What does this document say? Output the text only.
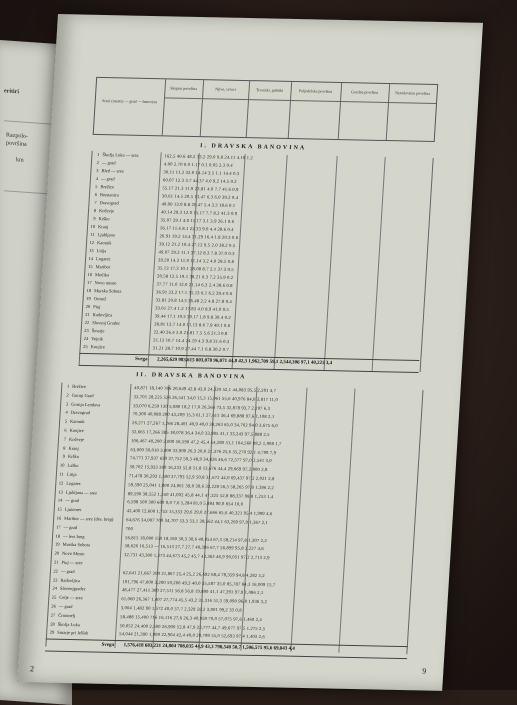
eritiri
Razpolo-
površina
km
Srezi (mesta) — grad — banovina
Skupna površina	Njive, vrtovi	Travniki, pašniki	Poljedelska površina	Gozdna površina	Nerodovitna površina
I. DRAVSKA BANOVINA
1 Škofja Loka — srez	162.5 40.6 48.2 33.2 29.0 9.8 24.11 4.18 1.2
2 — grad	4.00 2.70 0.0 1.17 0.1 0.05 2.3 0.4
3 Bled — srez	30.11 11.2 32.0 14.14 3.5 1.1 14.4 0.3
4 — grad	60.07 12.3 3.7 44.37 4.0 9.2 14.5 0.2
5 Brežice	55.17 21.3 11.9 23.81 4.0 7.7 41.6 0.9
6 Brestanica	30.61 14.5 20.5 13.47 6.3 6.0 39.2 0.4
7 Dravograd	40.00 13.9 8.8 20.47 5.4 3.3 18.6 0.1
8 Kočevje	40.14 29.3 12.0 15.17 7.7 8.2 41.3 0.9
9 Krško	35.07 29.1 4.0 11.17 3.1 3.9 26.1 0.6
10 Kranj	56.17 11.6 8.1 22.33 9.0 4.4 28.6 0.4
11 Ljubljana	20.91 19.2 14.4 31.29 16.4 1.8 20.3 0.6
12 Kamnik	39.12 21.2 10.4 27.12 9.5 2.0 38.2 0.5
13 Litija	49.07 29.3 11.1 37.12 8.3 7.8 37.0 0.3
14 Logatec	39.20 14.3 11.9 11.14 3.2 4.0 28.5 0.8
15 Maribor	35.13 17.3 10.1 28.08 8.7 2.1 37.3 0.5
16 Metlika	20.58 12.5 19.1 38.21 0.3 7.2 35.9 0.2
17 Novo mesto	37.77 11.0 12.0 21.14 6.3 2.4 39.6 0.8
18 Murska Sobota	36.91 23.2 17.1 35.13 6.1 6.2 39.4 0.6
19 Ormož	33.81 20.8 14.3 36.48 2.2 4.8 27.8 0.4
20 Ptuj	33.61 27.4 1.2 17.83 4.0 8.9 41.0 0.5
21 Radovljica	39.44 17.1 19.3 30.17 1.8 9.8 30.4 0.2
22 Slovenj Gradec	28.81 13.7 14.0 11.13 8.6 7.9 40.1 0.6
23 Šmarje	22.40 26.4 3.0 21.81 7.5 5.6 21.3 0.8
24 Vojnik	21.13 10.7 14.4 24.19 4.3 9.8 31.6 0.3
25 Konjice	31.21 28.7 10.9 27.44 7.1 6.8 30.2 0.7
Svega 2,265,629 983,615 803,078 96,071 44,8 42,3 1,962,709 59,1 2,544,306 97,1 40,223 3,4
II. DRAVSKA BANOVINA
1 Brežice	40,871 18,140 786 20,649 42,8 43,0 24,320 52,1 44,083 95,5 2,291 4,7
2 Gornji Grad	32,701 28,225 526 26,541 34,0 15,3 15,961 55,6 40,976 84,0 3,817 11,0
3 Gornja Lendava	33,070 6,250 130 5,080 18,2 17,0 26,564 73,5 32,878 93,7 2,197 6,3
4 Dravograd	70,300 40,089 200 43,209 15,3 61,1 27,611 36,4 69,888 97,6 1,108 2,1
5 Kamnik	26,271 27,267 1,266 28,401 40,9 40,0 38,263 65,0 34,762 94,0 3,675 6,0
6 Konjice	32,665 17,266 385 18,078 36,4 34,0 33,985 41,1 33,243 97,5 888 2,5
7 Kočevje	106,467 40,200 2,000 56,590 47,2 45,4 54,280 51,1 104,560 98,2 1,908 1,7
8 Kranj	63,000 30,010 3,000 33,900 26,3 20,0 21,376 25,6 55,270 92,1 4,799 7,9
9 Krško	74,771 37,937 639 37,752 50,3 48,9 34,826 46,6 72,577 97,0 2,541 3,0
10 Laško	30,702 15,933 300 16,233 52,8 51,8 13,676 44,4 29,669 97,2 800 2,8
11 Litija	71,478 36,293 1,500 37,793 52,9 50,8 31,672 44,0 69,437 97,2 2,021 2,8
12 Logatec	59,590 25,041 1,000 24,061 39,0 39,6 33,228 56,5 58,265 97,8 1,396 2,2
13 Ljubljana — srez	89,590 38,552 1,550 41,002 45,8 44,1 47,325 52,8 88,337 98,8 1,253 1,4
14 — grad	6,598 500 300 600 9,0 7,6 5,284 81,0 5,884 90,0 654 10,0
15 Ljutomer	42,400 12,600 1,753 15,353 29,6 29,0 27,666 65,6 40,321 95,4 1,999 4,6
16 Maribor — srez (des. breg)	64,676 34,007 700 34,707 53,3 53,1 28,562 44,1 63,269 97,9 1,367 2,1
17 — grad	700
18 — levi breg	56,815 18,000 150 18,160 30,3 30,6 40,054 67,3 58,214 97,8 1,307 2,2
19 Murska Sobota	58,626 16,513 — 16,513 27,7 27,7 40,396 67,7 56,899 95,8 2,227 4,6
20 Novo Mesto	32,731 43,300 1,373 44,673 45,2 45,7 43,363 46,9 90,051 97,2 2,713 2,9
21 Ptuj — srez
22 — grad	62,641 21,667 200 21,867 25,4 25,2 26,692 68,4 78,359 94,8 4,282 5,2
23 Radovljica	101,796 47,000 3,200 50,200 49,3 40,0 35,587 35,0 85,787 84,3 16,009 15,7
24 Slovenjgradec	48,477 27,411 300 27,511 56,8 56,8 19,880 41,1 47,391 97,9 1,086 2,1
25 Celje — srez	61,060 26,367 1,407 27,774 45,5 43,2 31,316 51,3 59,090 96,8 1,936 3,2
26 — grad	3,004 1,482 90 1,572 40,0 37,7 2,329 59,2 3,901 99,2 33 0,8
27 Črnomelj	58,488 15,400 716 16,116 27,6 26,3 40,959 70,0 57,075 97,6 1,460 2,4
28 Škofja Loka	50,052 24,400 2,500 26,900 52,8 47,9 22,777 44,7 49,677 97,5 1,275 2,5
29 Smarje pri Jelšah	54,044 21,390 1,000 22,904 42,4 40,0 29,799 55,0 52,693 97,4 1,403 2,6
Svega 1,576,418 683,231 24,804 708,035 44,9 43,3 798,540 50,7 1,506,575 95,6 69,843 4,4
2	9
